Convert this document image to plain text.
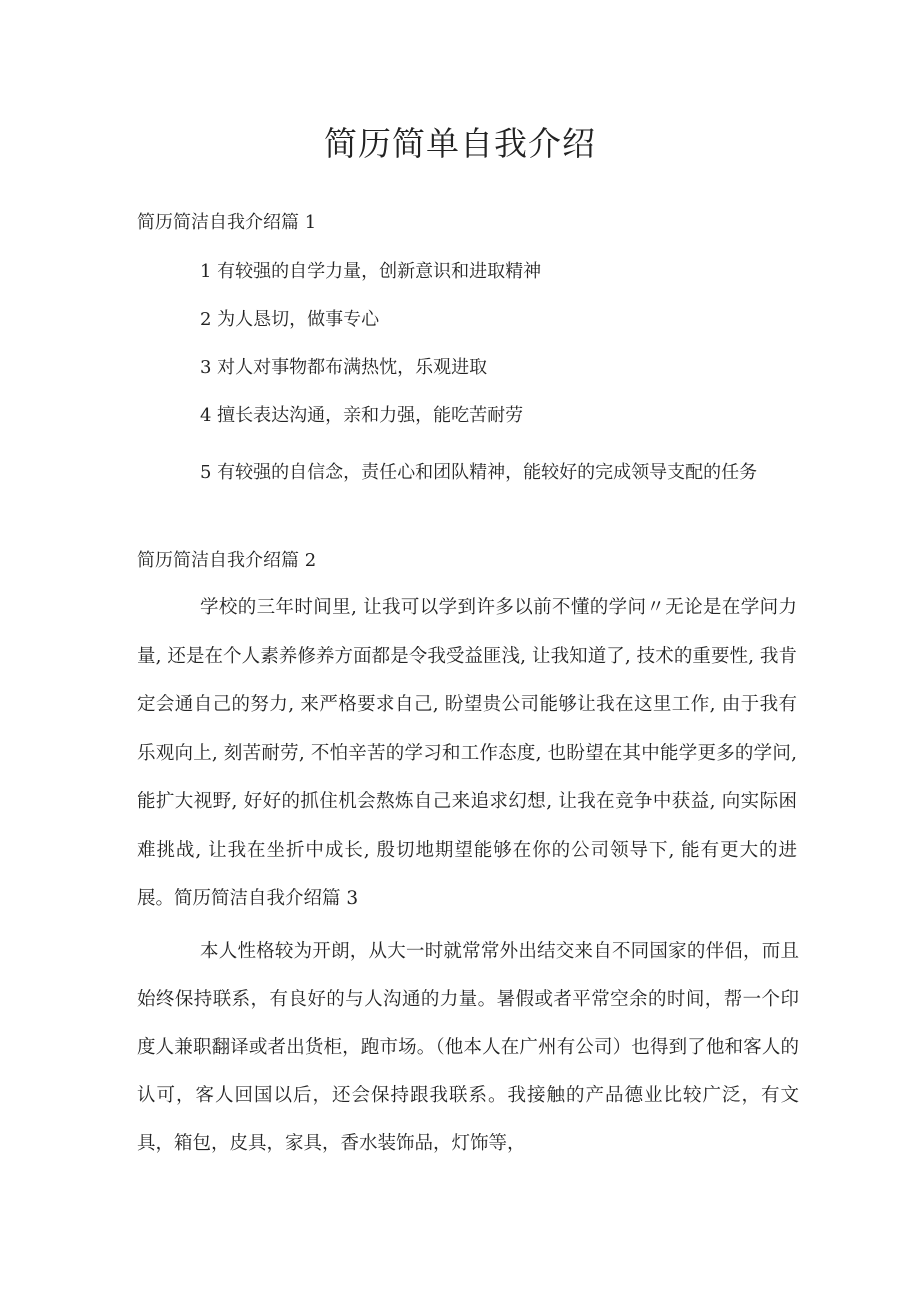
简历简单自我介绍
简历简洁自我介绍篇 1

1 有较强的自学力量，创新意识和进取精神

2 为人恳切，做事专心

3 对人对事物都布满热忱，乐观进取

4 擅长表达沟通，亲和力强，能吃苦耐劳

5 有较强的自信念，责任心和团队精神，能较好的完成领导支配的任务

简历简洁自我介绍篇 2

学校的三年时间里, 让我可以学到许多以前不懂的学问〃无论是在学问力量, 还是在个人素养修养方面都是令我受益匪浅, 让我知道了, 技术的重要性, 我肯定会通自己的努力, 来严格要求自己, 盼望贵公司能够让我在这里工作, 由于我有乐观向上, 刻苦耐劳, 不怕辛苦的学习和工作态度, 也盼望在其中能学更多的学问, 能扩大视野, 好好的抓住机会熬炼自己来追求幻想, 让我在竞争中获益, 向实际困难挑战, 让我在坐折中成长, 殷切地期望能够在你的公司领导下, 能有更大的进展。简历简洁自我介绍篇 3

本人性格较为开朗，从大一时就常常外出结交来自不同国家的伴侣，而且始终保持联系，有良好的与人沟通的力量。暑假或者平常空余的时间，帮一个印度人兼职翻译或者出货柜，跑市场。（他本人在广州有公司）也得到了他和客人的认可，客人回国以后，还会保持跟我联系。我接触的产品德业比较广泛，有文具，箱包，皮具，家具，香水装饰品，灯饰等，
